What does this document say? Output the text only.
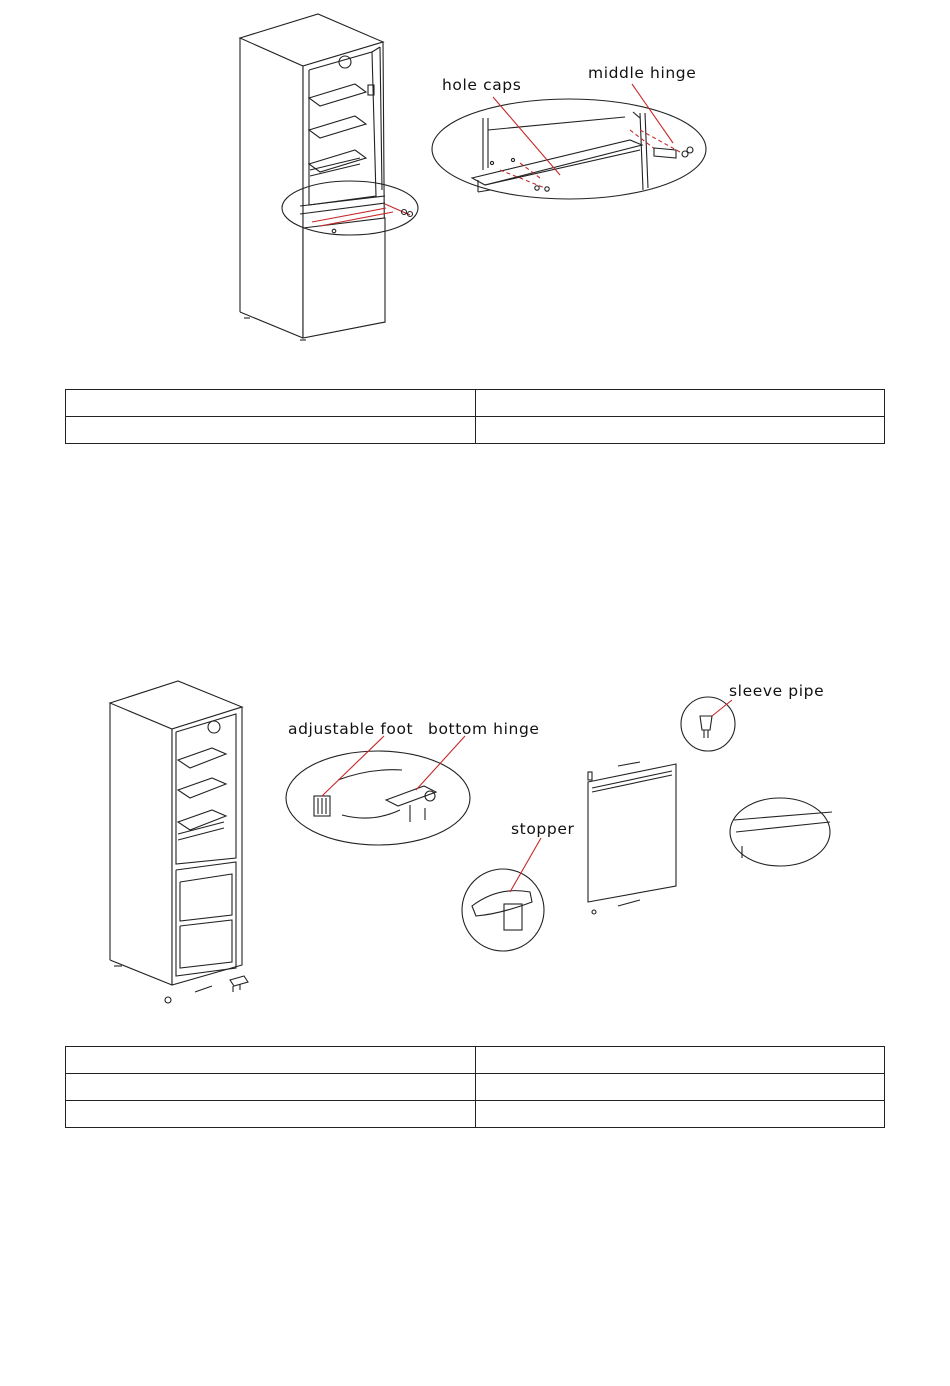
hole caps
middle hinge

adjustable foot bottom hinge
sleeve pipe
stopper
